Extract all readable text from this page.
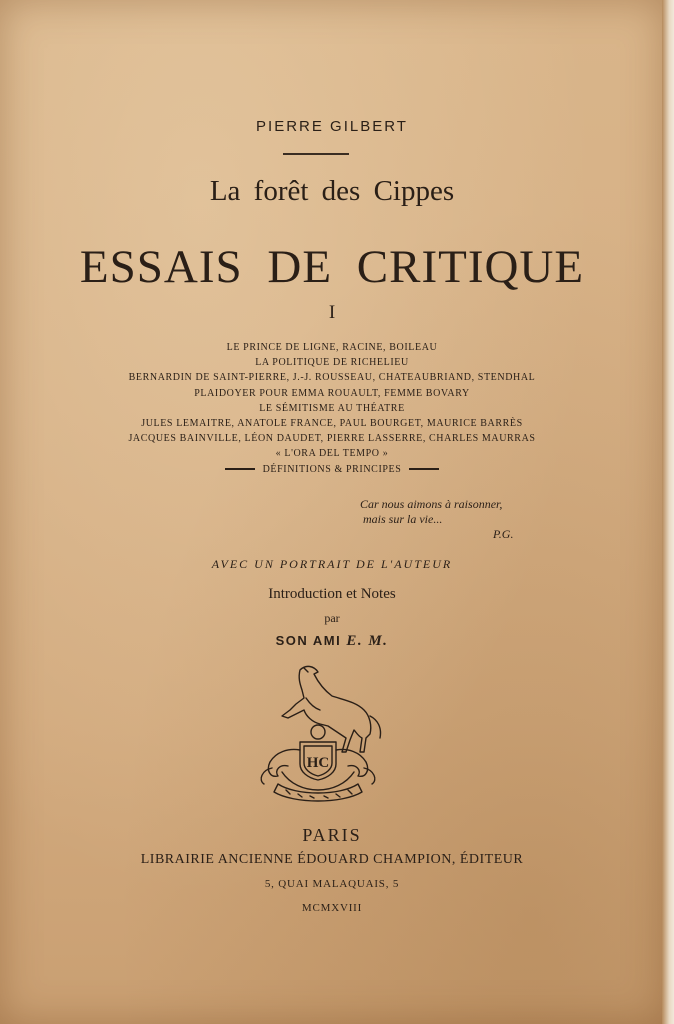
PIERRE GILBERT
La forêt des Cippes
ESSAIS DE CRITIQUE
I
LE PRINCE DE LIGNE, RACINE, BOILEAU
LA POLITIQUE DE RICHELIEU
BERNARDIN DE SAINT-PIERRE, J.-J. ROUSSEAU, CHATEAUBRIAND, STENDHAL
PLAIDOYER POUR EMMA ROUAULT, FEMME BOVARY
LE SÉMITISME AU THÉATRE
JULES LEMAITRE, ANATOLE FRANCE, PAUL BOURGET, MAURICE BARRÈS
JACQUES BAINVILLE, LÉON DAUDET, PIERRE LASSERRE, CHARLES MAURRAS
« L'ORA DEL TEMPO »
DÉFINITIONS & PRINCIPES
Car nous aimons à raisonner,
mais sur la vie...
P.G.
AVEC UN PORTRAIT DE L'AUTEUR
Introduction et Notes
par
SON AMI E. M.
HC
PARIS
LIBRAIRIE ANCIENNE ÉDOUARD CHAMPION, ÉDITEUR
5, QUAI MALAQUAIS, 5
MCMXVIII
